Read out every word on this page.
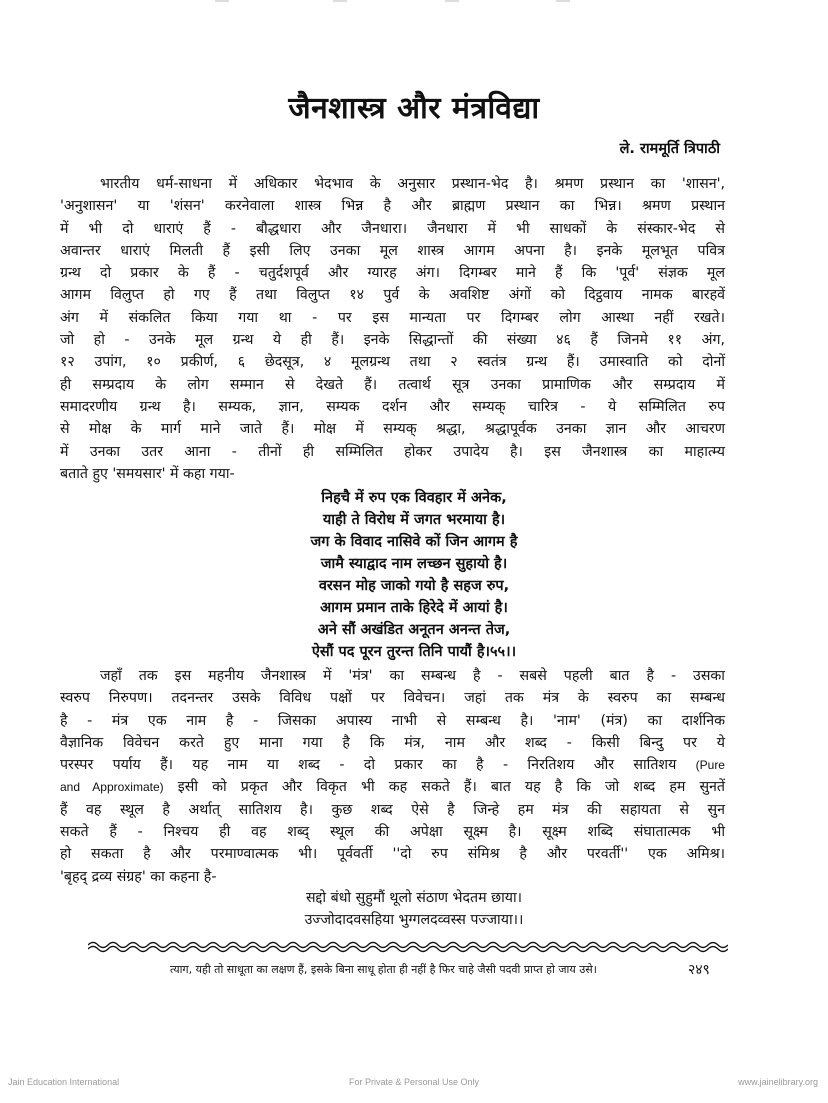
जैनशास्त्र और मंत्रविद्या
ले. राममूर्ति त्रिपाठी
भारतीय धर्म-साधना में अधिकार भेदभाव के अनुसार प्रस्थान-भेद है। श्रमण प्रस्थान का 'शासन',
'अनुशासन' या 'शंसन' करनेवाला शास्त्र भिन्न है और ब्राह्मण प्रस्थान का भिन्न। श्रमण प्रस्थान
में भी दो धाराएं हैं - बौद्धधारा और जैनधारा। जैनधारा में भी साधकों के संस्कार-भेद से
अवान्तर धाराएं मिलती हैं इसी लिए उनका मूल शास्त्र आगम अपना है। इनके मूलभूत पवित्र
ग्रन्थ दो प्रकार के हैं - चतुर्दशपूर्व और ग्यारह अंग। दिगम्बर माने हैं कि 'पूर्व' संज्ञक मूल
आगम विलुप्त हो गए हैं तथा विलुप्त १४ पुर्व के अवशिष्ट अंगों को दिट्ठवाय नामक बारहवें
अंग में संकलित किया गया था - पर इस मान्यता पर दिगम्बर लोग आस्था नहीं रखते।
जो हो - उनके मूल ग्रन्थ ये ही हैं। इनके सिद्धान्तों की संख्या ४६ हैं जिनमे ११ अंग,
१२ उपांग, १० प्रकीर्ण, ६ छेदसूत्र, ४ मूलग्रन्थ तथा २ स्वतंत्र ग्रन्थ हैं। उमास्वाति को दोनों
ही सम्प्रदाय के लोग सम्मान से देखते हैं। तत्वार्थ सूत्र उनका प्रामाणिक और सम्प्रदाय में
समादरणीय ग्रन्थ है। सम्यक, ज्ञान, सम्यक दर्शन और सम्यक् चारित्र - ये सम्मिलित रुप
से मोक्ष के मार्ग माने जाते हैं। मोक्ष में सम्यक् श्रद्धा, श्रद्धापूर्वक उनका ज्ञान और आचरण
में उनका उतर आना - तीनों ही सम्मिलित होकर उपादेय है। इस जैनशास्त्र का माहात्म्य
बताते हुए 'समयसार' में कहा गया-
निहचै में रुप एक विवहार में अनेक,
याही ते विरोध में जगत भरमाया है।
जग के विवाद नासिवे कों जिन आगम है
जामै स्याद्वाद नाम लच्छन सुहायो है।
वरसन मोह जाको गयो है सहज रुप,
आगम प्रमान ताके हिरेदे में आयां है।
अने सौं अखंडित अनूतन अनन्त तेज,
ऐसौं पद पूरन तुरन्त तिनि पायौं है।५५।।
जहाँ तक इस महनीय जैनशास्त्र में 'मंत्र' का सम्बन्ध है - सबसे पहली बात है - उसका
स्वरुप निरुपण। तदनन्तर उसके विविध पक्षों पर विवेचन। जहां तक मंत्र के स्वरुप का सम्बन्ध
है - मंत्र एक नाम है - जिसका अपास्य नाभी से सम्बन्ध है। 'नाम' (मंत्र) का दार्शनिक
वैज्ञानिक विवेचन करते हुए माना गया है कि मंत्र, नाम और शब्द - किसी बिन्दु पर ये
परस्पर पर्याय हैं। यह नाम या शब्द - दो प्रकार का है - निरतिशय और सातिशय (Pure
and Approximate) इसी को प्रकृत और विकृत भी कह सकते हैं। बात यह है कि जो शब्द हम सुनतें
हैं वह स्थूल है अर्थात् सातिशय है। कुछ शब्द ऐसे है जिन्हे हम मंत्र की सहायता से सुन
सकते हैं - निश्चय ही वह शब्द् स्थूल की अपेक्षा सूक्ष्म है। सूक्ष्म शब्दि संघातात्मक भी
हो सकता है और परमाण्वात्मक भी। पूर्ववर्ती ''दो रुप संमिश्र है और परवर्ती'' एक अमिश्र।
'बृहद् द्रव्य संग्रह' का कहना है-
सद्दो बंधो सुहुमौं थूलो संठाण भेदतम छाया।
उज्जोदादवसहिया भुग्गलदव्वस्स पज्जाया।।
त्याग, यही तो साधूता का लक्षण हैं, इसके बिना साधू होता ही नहीं है फिर चाहे जैसी पदवी प्राप्त हो जाय उसे।	२४९
Jain Education International	For Private & Personal Use Only	www.jainelibrary.org
